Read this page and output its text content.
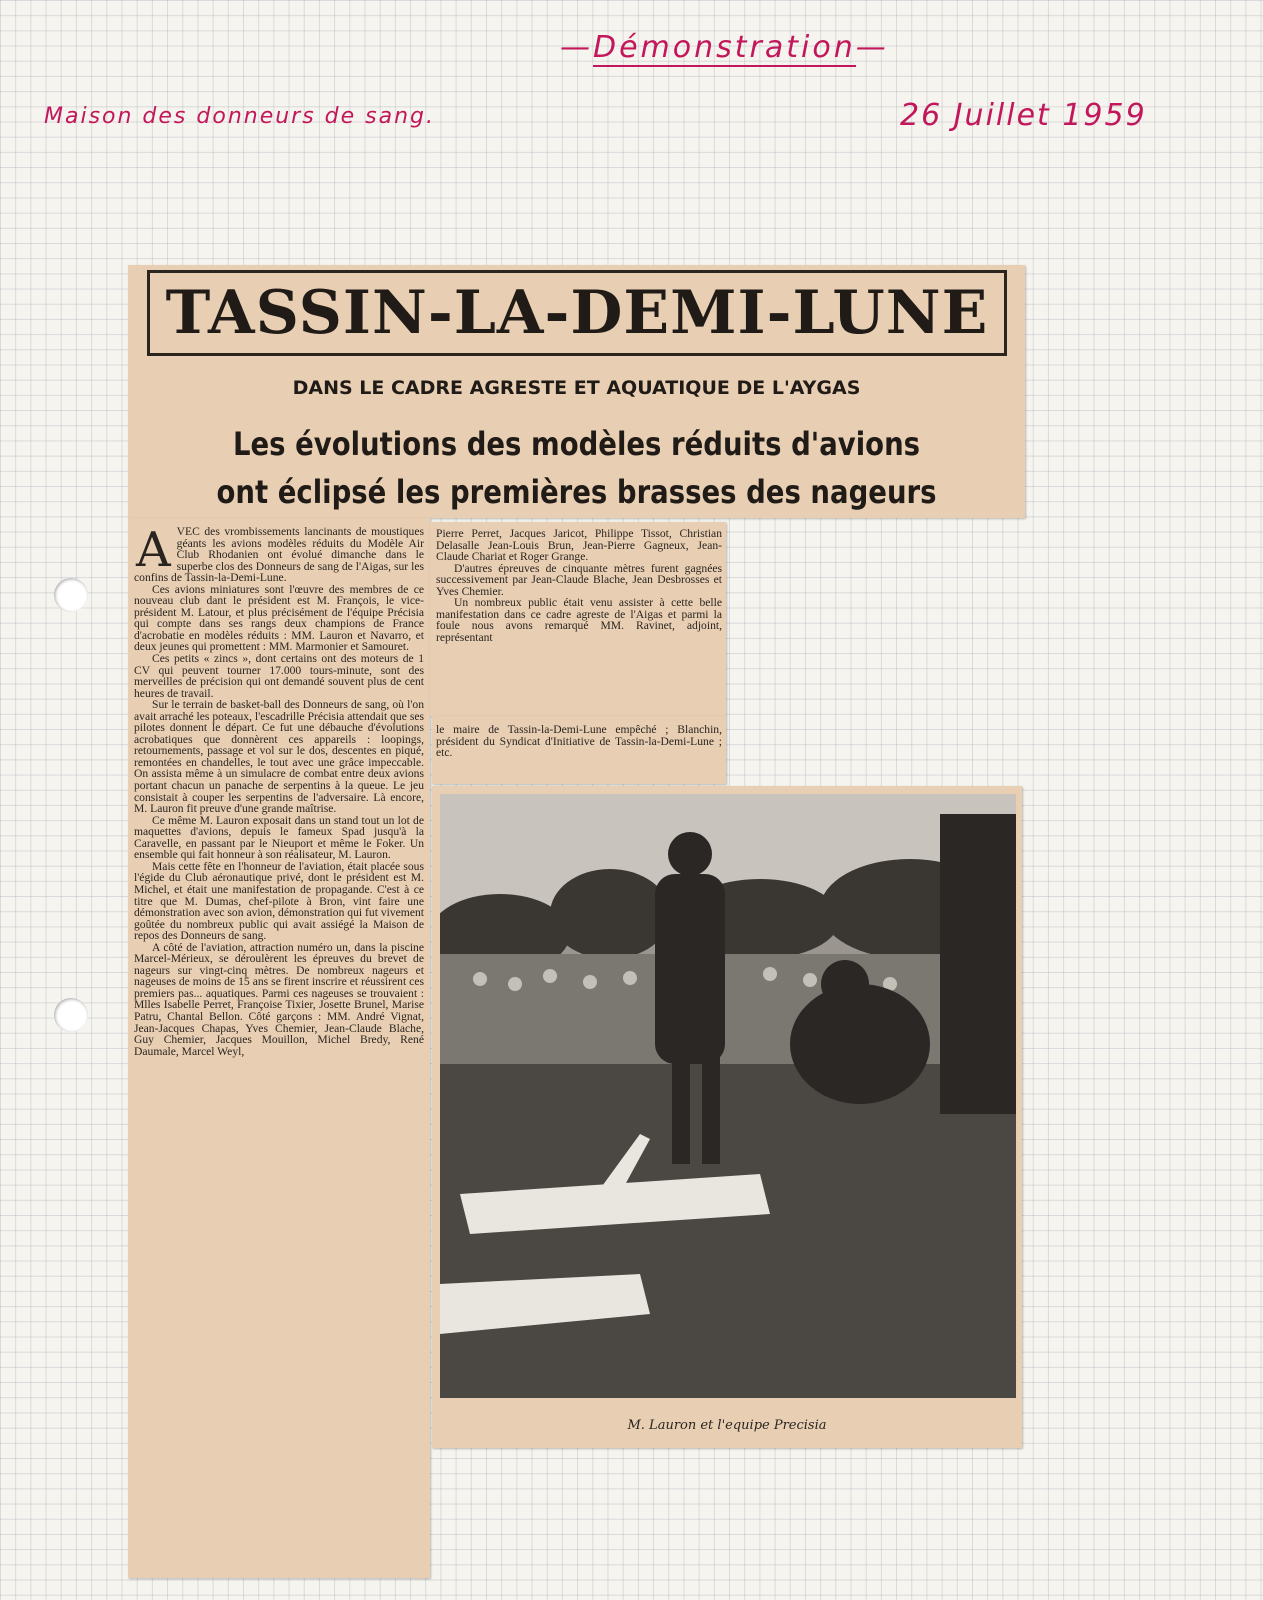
—Démonstration—
Maison des donneurs de sang.	26 Juillet 1959
TASSIN-LA-DEMI-LUNE
DANS LE CADRE AGRESTE ET AQUATIQUE DE L'AYGAS
Les évolutions des modèles réduits d'avions
ont éclipsé les premières brasses des nageurs

AVEC des vrombissements lancinants de moustiques géants les avions modèles réduits du Modèle Air Club Rhodanien ont évolué dimanche dans le superbe clos des Donneurs de sang de l'Aigas, sur les confins de Tassin-la-Demi-Lune.

Ces avions miniatures sont l'œuvre des membres de ce nouveau club dant le président est M. François, le vice-président M. Latour, et plus précisément de l'équipe Précisia qui compte dans ses rangs deux champions de France d'acrobatie en modèles réduits : MM. Lauron et Navarro, et deux jeunes qui promettent : MM. Marmonier et Samouret.

Ces petits « zincs », dont certains ont des moteurs de 1 CV qui peuvent tourner 17.000 tours-minute, sont des merveilles de précision qui ont demandé souvent plus de cent heures de travail.

Sur le terrain de basket-ball des Donneurs de sang, où l'on avait arraché les poteaux, l'escadrille Précisia attendait que ses pilotes donnent le départ. Ce fut une débauche d'évolutions acrobatiques que donnèrent ces appareils : loopings, retournements, passage et vol sur le dos, descentes en piqué, remontées en chandelles, le tout avec une grâce impeccable. On assista même à un simulacre de combat entre deux avions portant chacun un panache de serpentins à la queue. Le jeu consistait à couper les serpentins de l'adversaire. Là encore, M. Lauron fit preuve d'une grande maîtrise.

Ce même M. Lauron exposait dans un stand tout un lot de maquettes d'avions, depuis le fameux Spad jusqu'à la Caravelle, en passant par le Nieuport et même le Foker. Un ensemble qui fait honneur à son réalisateur, M. Lauron.

Mais cette fête en l'honneur de l'aviation, était placée sous l'égide du Club aéronautique privé, dont le président est M. Michel, et était une manifestation de propagande. C'est à ce titre que M. Dumas, chef-pilote à Bron, vint faire une démonstration avec son avion, démonstration qui fut vivement goûtée du nombreux public qui avait assiégé la Maison de repos des Donneurs de sang.

A côté de l'aviation, attraction numéro un, dans la piscine Marcel-Mérieux, se déroulèrent les épreuves du brevet de nageurs sur vingt-cinq mètres. De nombreux nageurs et nageuses de moins de 15 ans se firent inscrire et réussirent ces premiers pas... aquatiques. Parmi ces nageuses se trouvaient : Mlles Isabelle Perret, Françoise Tixier, Josette Brunel, Marise Patru, Chantal Bellon. Côté garçons : MM. André Vignat, Jean-Jacques Chapas, Yves Chemier, Jean-Claude Blache, Guy Chemier, Jacques Mouillon, Michel Bredy, René Daumale, Marcel Weyl,

Pierre Perret, Jacques Jaricot, Philippe Tissot, Christian Delasalle Jean-Louis Brun, Jean-Pierre Gagneux, Jean-Claude Chariat et Roger Grange.

D'autres épreuves de cinquante mètres furent gagnées successivement par Jean-Claude Blache, Jean Desbrosses et Yves Chemier.

Un nombreux public était venu assister à cette belle manifestation dans ce cadre agreste de l'Aigas et parmi la foule nous avons remarqué MM. Ravinet, adjoint, représentant

le maire de Tassin-la-Demi-Lune empêché ; Blanchin, président du Syndicat d'Initiative de Tassin-la-Demi-Lune ; etc.

M. Lauron et l'equipe Precisia
